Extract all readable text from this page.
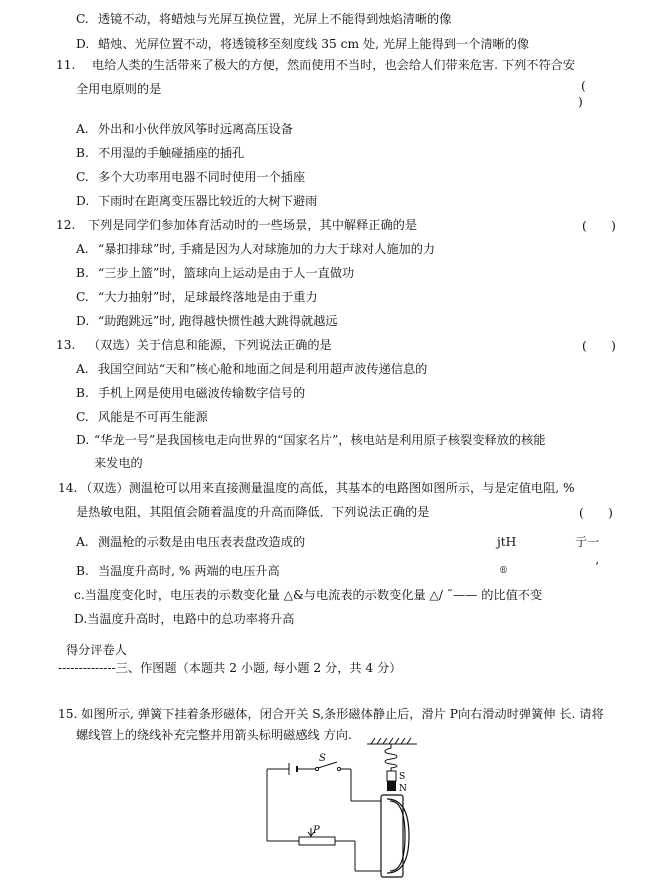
C. 透镜不动，将蜡烛与光屏互换位置，光屏上不能得到烛焰清晰的像
D. 蜡烛、光屏位置不动，将透镜移至刻度线 35 cm 处, 光屏上能得到一个清晰的像
11. 电给人类的生活带来了极大的方便，然而使用不当时，也会给人们带来危害. 下列不符合安
全用电原则的是	(
)
A. 外出和小伙伴放风筝时远离高压设备
B. 不用湿的手触碰插座的插孔
C. 多个大功率用电器不同时使用一个插座
D. 下雨时在距离变压器比较近的大树下避雨
12. 下列是同学们参加体育活动时的一些场景，其中解释正确的是	(　　)
A. “暴扣排球”时, 手痛是因为人对球施加的力大于球对人施加的力
B. “三步上篮”时，篮球向上运动是由于人一直做功
C. “大力抽射”时，足球最终落地是由于重力
D. “助跑跳远”时, 跑得越快惯性越大跳得就越远
13. （双选）关于信息和能源，下列说法正确的是	(　　)
A. 我国空间站“天和”核心舱和地面之间是利用超声波传递信息的
B. 手机上网是使用电磁波传输数字信号的
C. 风能是不可再生能源
D. “华龙一号”是我国核电走向世界的“国家名片”，核电站是利用原子核裂变释放的核能
来发电的
14. （双选）测温枪可以用来直接测量温度的高低，其基本的电路图如图所示，与是定值电阻, %
是热敏电阻，其阻值会随着温度的升高而降低．下列说法正确的是	(　　)
A. 测温枪的示数是由电压表表盘改造成的	jtH	亍一
B. 当温度升高时, % 两端的电压升高	®	’
c.当温度变化时，电压表的示数变化量 △&与电流表的示数变化量 △/ ˜—— 的比值不变
D.当温度升高时，电路中的总功率将升高
得分评卷人
--------------三、作图题（本题共 2 小题, 每小题 2 分，共 4 分）
15. 如图所示, 弹簧下挂着条形磁体，闭合开关 S,条形磁体静止后，滑片 P向右滑动时弹簧伸 长. 请将
螺线管上的绕线补充完整并用箭头标明磁感线 方向.
S
N
S
P
